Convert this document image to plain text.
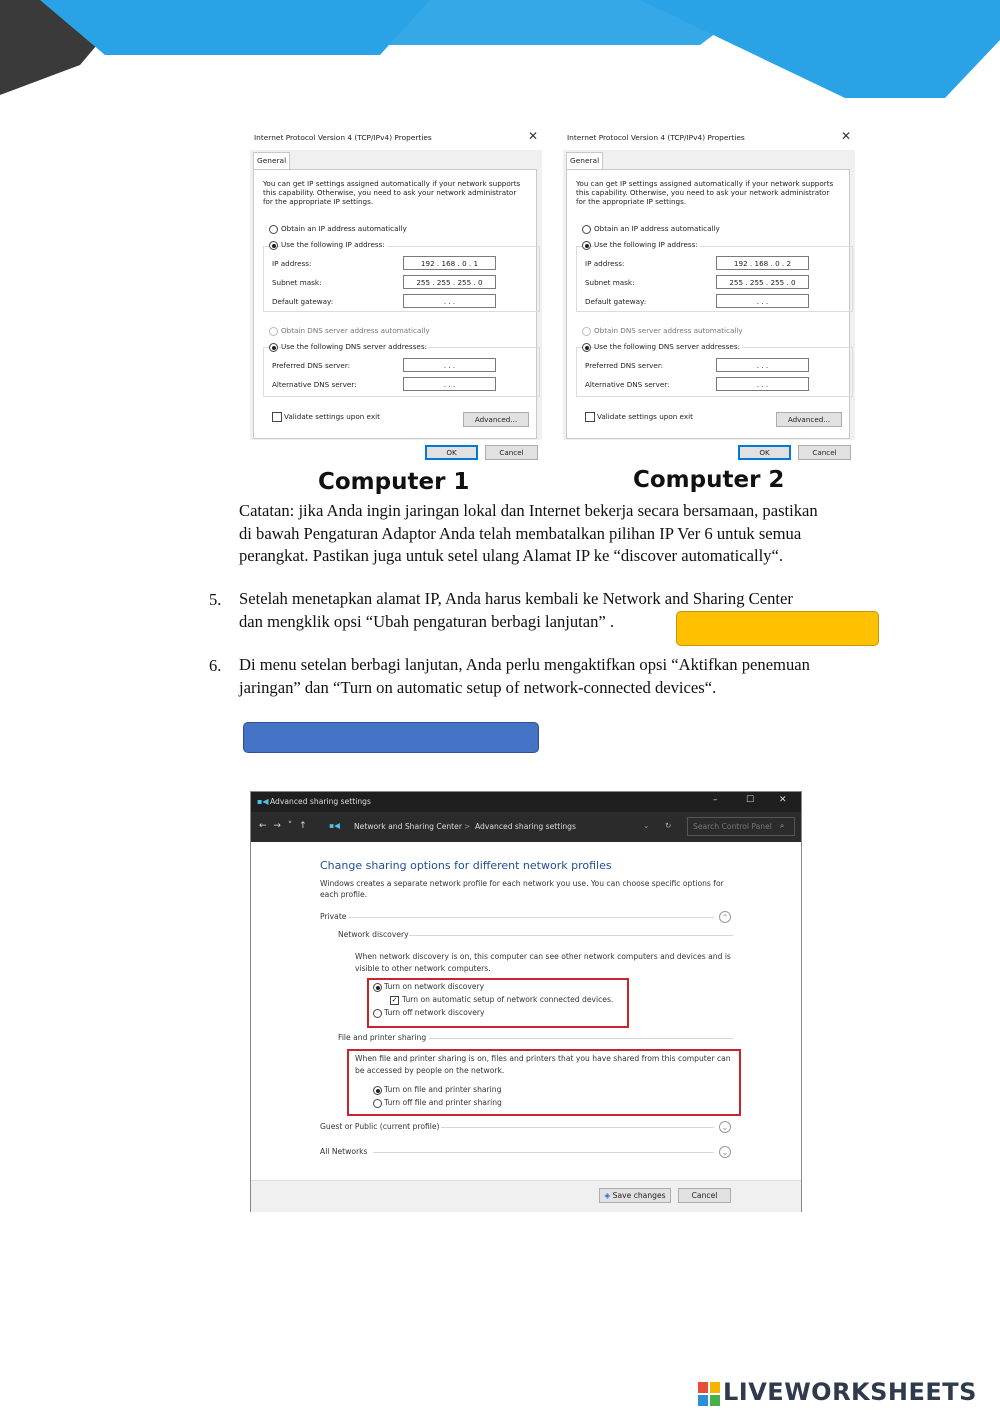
Internet Protocol Version 4 (TCP/IPv4) Properties	✕
General
You can get IP settings assigned automatically if your network supports
this capability. Otherwise, you need to ask your network administrator
for the appropriate IP settings.
Obtain an IP address automatically
Use the following IP address:
IP address:	192 . 168 . 0 . 1
Subnet mask:	255 . 255 . 255 . 0
Default gateway:	. . .
Obtain DNS server address automatically
Use the following DNS server addresses:
Preferred DNS server:	. . .
Alternative DNS server:	. . .
Validate settings upon exit	Advanced...
OK	Cancel
Internet Protocol Version 4 (TCP/IPv4) Properties	✕
General
You can get IP settings assigned automatically if your network supports
this capability. Otherwise, you need to ask your network administrator
for the appropriate IP settings.
Obtain an IP address automatically
Use the following IP address:
IP address:	192 . 168 . 0 . 2
Subnet mask:	255 . 255 . 255 . 0
Default gateway:	. . .
Obtain DNS server address automatically
Use the following DNS server addresses:
Preferred DNS server:	. . .
Alternative DNS server:	. . .
Validate settings upon exit	Advanced...
OK	Cancel
Computer 1	Computer 2
Catatan: jika Anda ingin jaringan lokal dan Internet bekerja secara bersamaan, pastikan
di bawah Pengaturan Adaptor Anda telah membatalkan pilihan IP Ver 6 untuk semua
perangkat. Pastikan juga untuk setel ulang Alamat IP ke “discover automatically“.
5. Setelah menetapkan alamat IP, Anda harus kembali ke Network and Sharing Center
dan mengklik opsi “Ubah pengaturan berbagi lanjutan” .
6. Di menu setelan berbagi lanjutan, Anda perlu mengaktifkan opsi “Aktifkan penemuan
jaringan” dan “Turn on automatic setup of network-connected devices“.
▪◀ Advanced sharing settings	–	☐	✕
← → ˅ ↑	▪◀ Network and Sharing Center > Advanced sharing settings	⌄ ↻	Search Control Panel ⌕
Change sharing options for different network profiles
Windows creates a separate network profile for each network you use. You can choose specific options for
each profile.
Private	⌃
Network discovery
When network discovery is on, this computer can see other network computers and devices and is
visible to other network computers.
Turn on network discovery
✓ Turn on automatic setup of network connected devices.
Turn off network discovery
File and printer sharing
When file and printer sharing is on, files and printers that you have shared from this computer can
be accessed by people on the network.
Turn on file and printer sharing
Turn off file and printer sharing
Guest or Public (current profile)	⌄
All Networks	⌄
◈ Save changes	Cancel
LIVEWORKSHEETS
